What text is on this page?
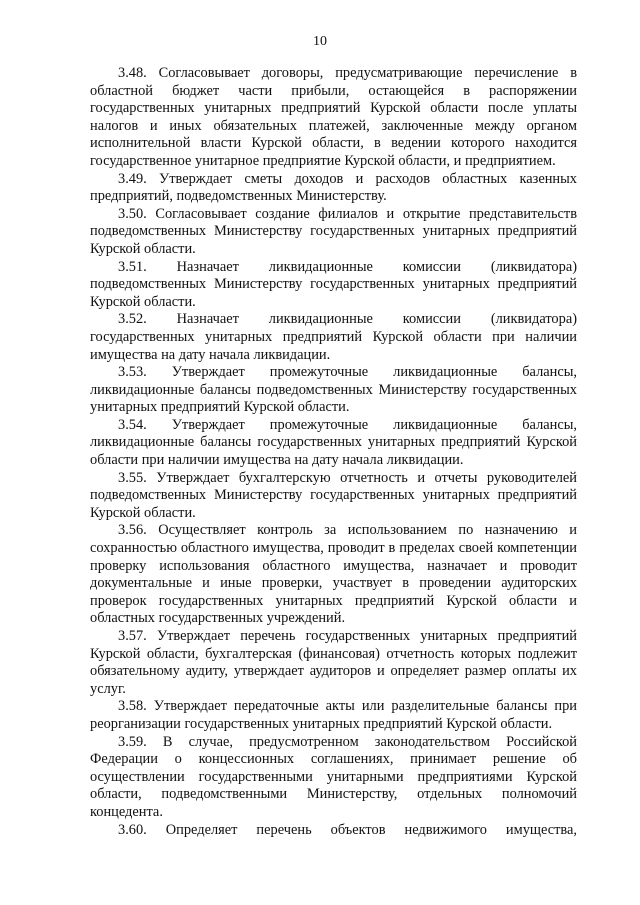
10

3.48. Согласовывает договоры, предусматривающие перечисление в областной бюджет части прибыли, остающейся в распоряжении государственных унитарных предприятий Курской области после уплаты налогов и иных обязательных платежей, заключенные между органом исполнительной власти Курской области, в ведении которого находится государственное унитарное предприятие Курской области, и предприятием.

3.49. Утверждает сметы доходов и расходов областных казенных предприятий, подведомственных Министерству.

3.50. Согласовывает создание филиалов и открытие представительств подведомственных Министерству государственных унитарных предприятий Курской области.

3.51. Назначает ликвидационные комиссии (ликвидатора) подведомственных Министерству государственных унитарных предприятий Курской области.

3.52. Назначает ликвидационные комиссии (ликвидатора) государственных унитарных предприятий Курской области при наличии имущества на дату начала ликвидации.

3.53. Утверждает промежуточные ликвидационные балансы, ликвидационные балансы подведомственных Министерству государственных унитарных предприятий Курской области.

3.54. Утверждает промежуточные ликвидационные балансы, ликвидационные балансы государственных унитарных предприятий Курской области при наличии имущества на дату начала ликвидации.

3.55. Утверждает бухгалтерскую отчетность и отчеты руководителей подведомственных Министерству государственных унитарных предприятий Курской области.

3.56. Осуществляет контроль за использованием по назначению и сохранностью областного имущества, проводит в пределах своей компетенции проверку использования областного имущества, назначает и проводит документальные и иные проверки, участвует в проведении аудиторских проверок государственных унитарных предприятий Курской области и областных государственных учреждений.

3.57. Утверждает перечень государственных унитарных предприятий Курской области, бухгалтерская (финансовая) отчетность которых подлежит обязательному аудиту, утверждает аудиторов и определяет размер оплаты их услуг.

3.58. Утверждает передаточные акты или разделительные балансы при реорганизации государственных унитарных предприятий Курской области.

3.59. В случае, предусмотренном законодательством Российской Федерации о концессионных соглашениях, принимает решение об осуществлении государственными унитарными предприятиями Курской области, подведомственными Министерству, отдельных полномочий концедента.

3.60. Определяет перечень объектов недвижимого имущества,
